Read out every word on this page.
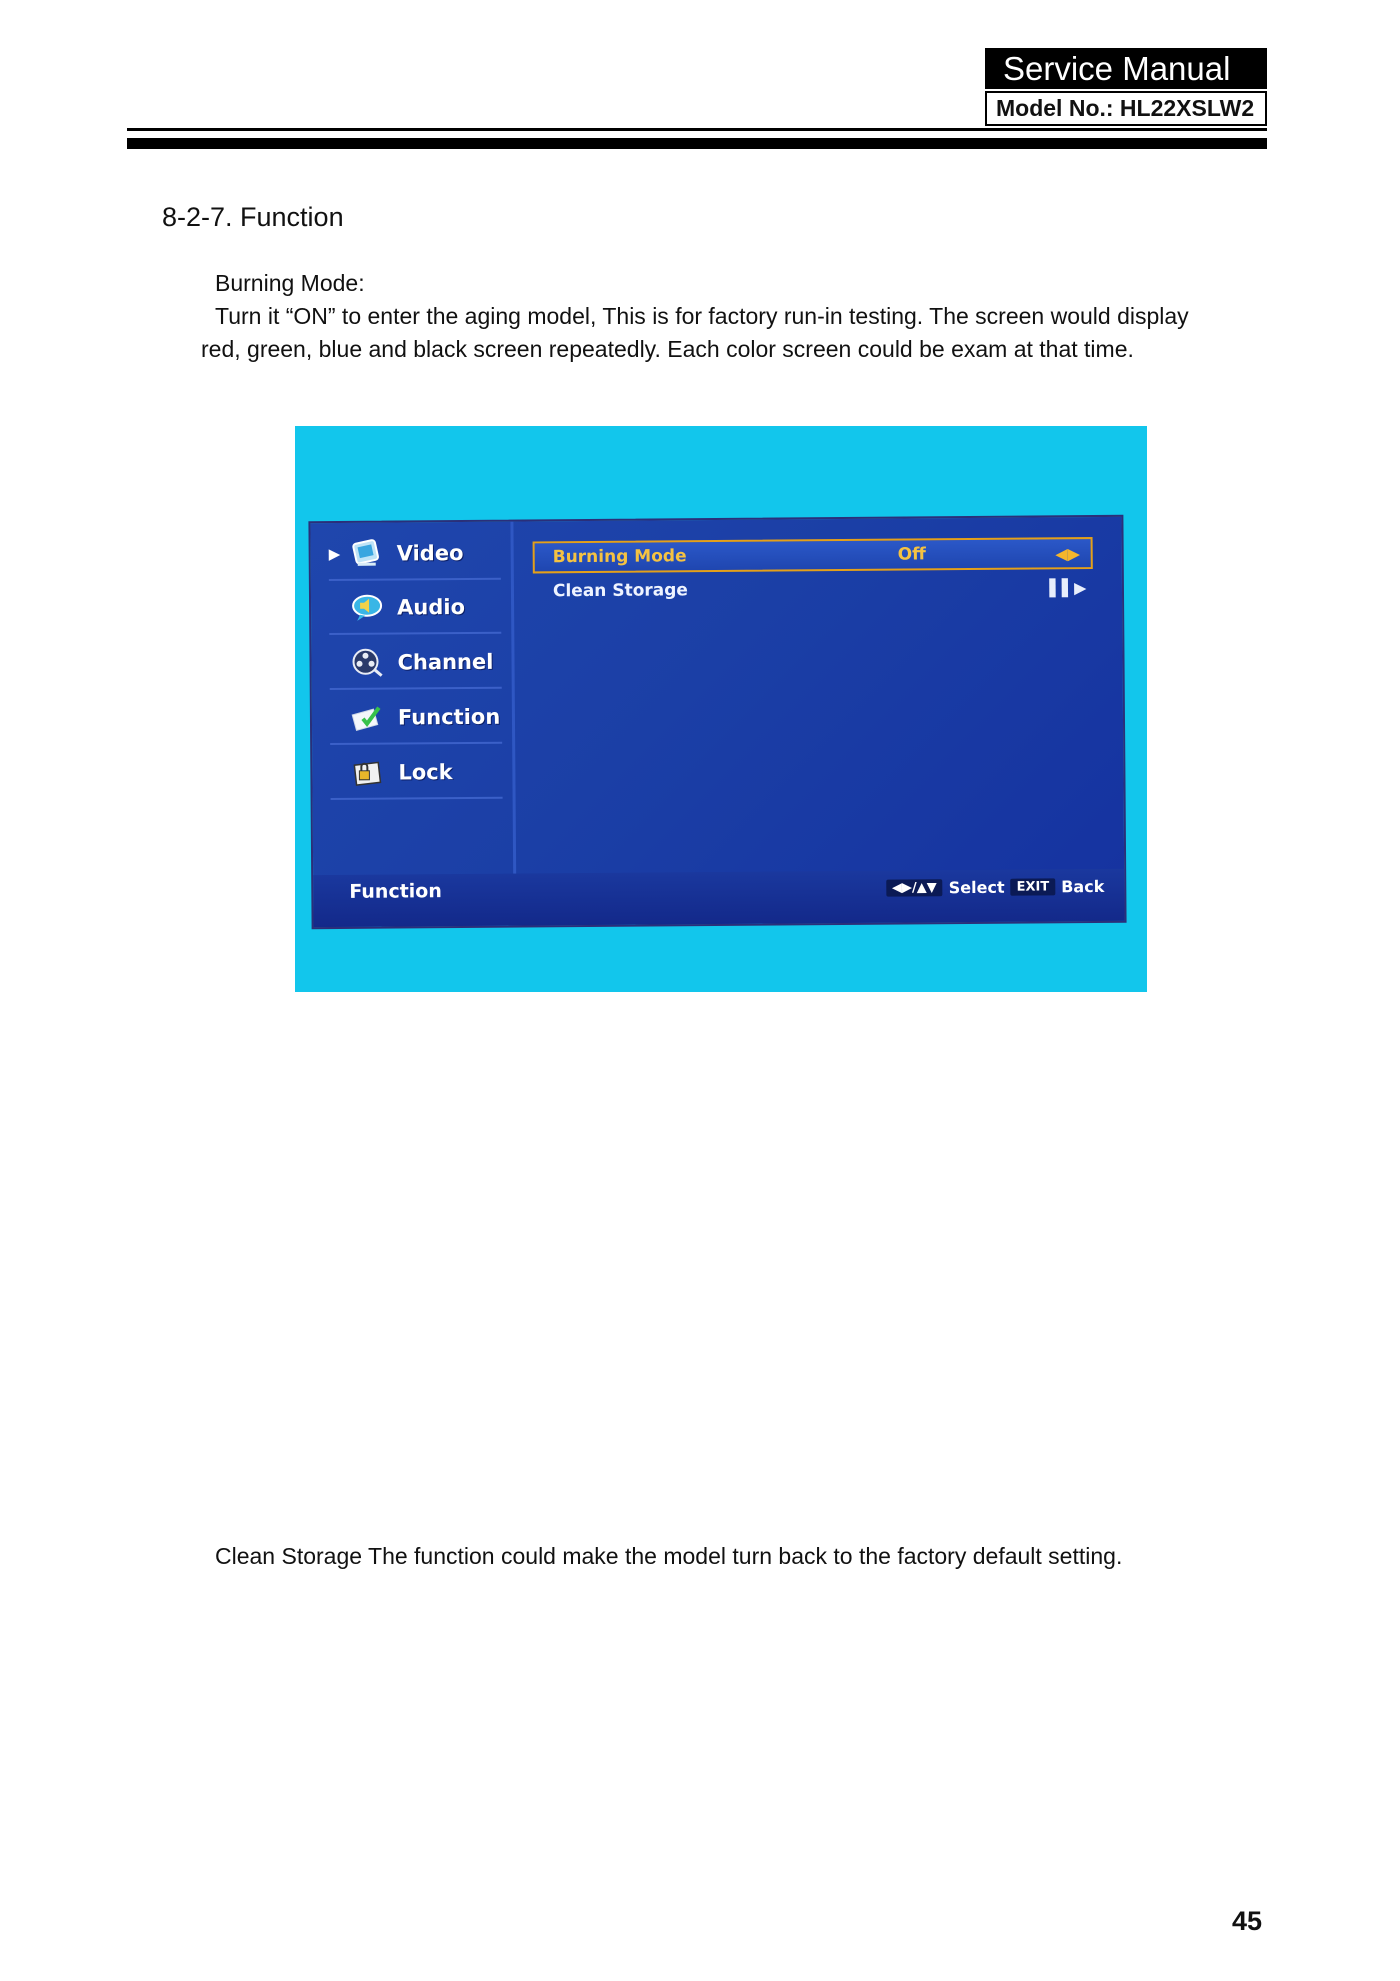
Service Manual
Model No.: HL22XSLW2
8-2-7. Function
Burning Mode:
Turn it “ON” to enter the aging model, This is for factory run-in testing. The screen would display
red, green, blue and black screen repeatedly. Each color screen could be exam at that time.
▶	Video
Audio
Channel
Function
Lock
Burning Mode	Off	◀▶
Clean Storage	▌▌▶
Function	◀▶/▲▼ Select EXIT Back
Clean Storage The function could make the model turn back to the factory default setting.
45
